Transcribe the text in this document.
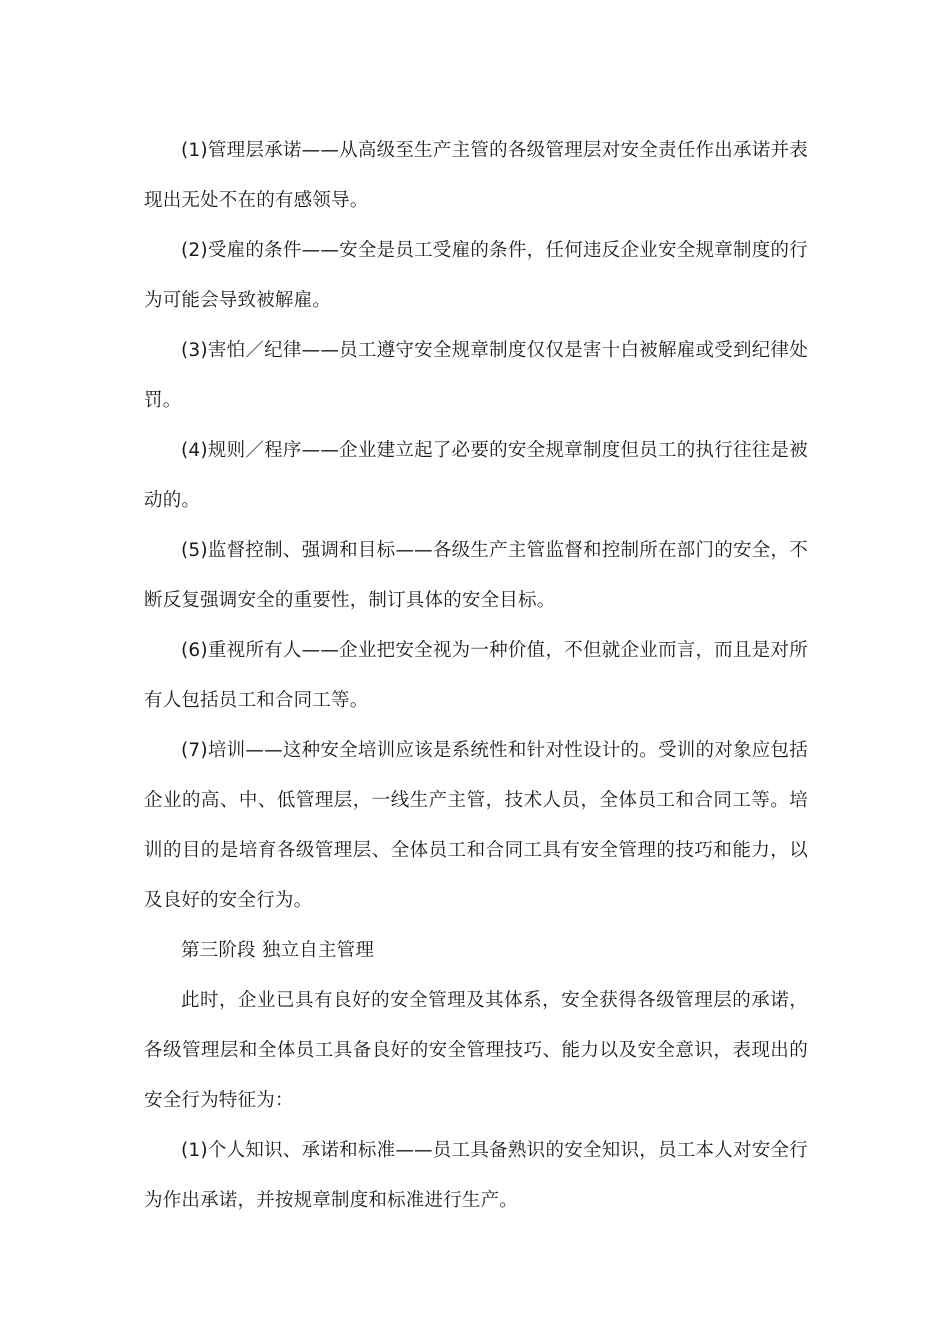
(1)管理层承诺——从高级至生产主管的各级管理层对安全责任作出承诺并表现出无处不在的有感领导。

(2)受雇的条件——安全是员工受雇的条件，任何违反企业安全规章制度的行为可能会导致被解雇。

(3)害怕／纪律——员工遵守安全规章制度仅仅是害十白被解雇或受到纪律处罚。

(4)规则／程序——企业建立起了必要的安全规章制度但员工的执行往往是被动的。

(5)监督控制、强调和目标——各级生产主管监督和控制所在部门的安全，不断反复强调安全的重要性，制订具体的安全目标。

(6)重视所有人——企业把安全视为一种价值，不但就企业而言，而且是对所有人包括员工和合同工等。

(7)培训——这种安全培训应该是系统性和针对性设计的。受训的对象应包括企业的高、中、低管理层，一线生产主管，技术人员，全体员工和合同工等。培训的目的是培育各级管理层、全体员工和合同工具有安全管理的技巧和能力，以及良好的安全行为。

第三阶段 独立自主管理

此时，企业已具有良好的安全管理及其体系，安全获得各级管理层的承诺，各级管理层和全体员工具备良好的安全管理技巧、能力以及安全意识，表现出的安全行为特征为：

(1)个人知识、承诺和标准——员工具备熟识的安全知识，员工本人对安全行为作出承诺，并按规章制度和标准进行生产。
